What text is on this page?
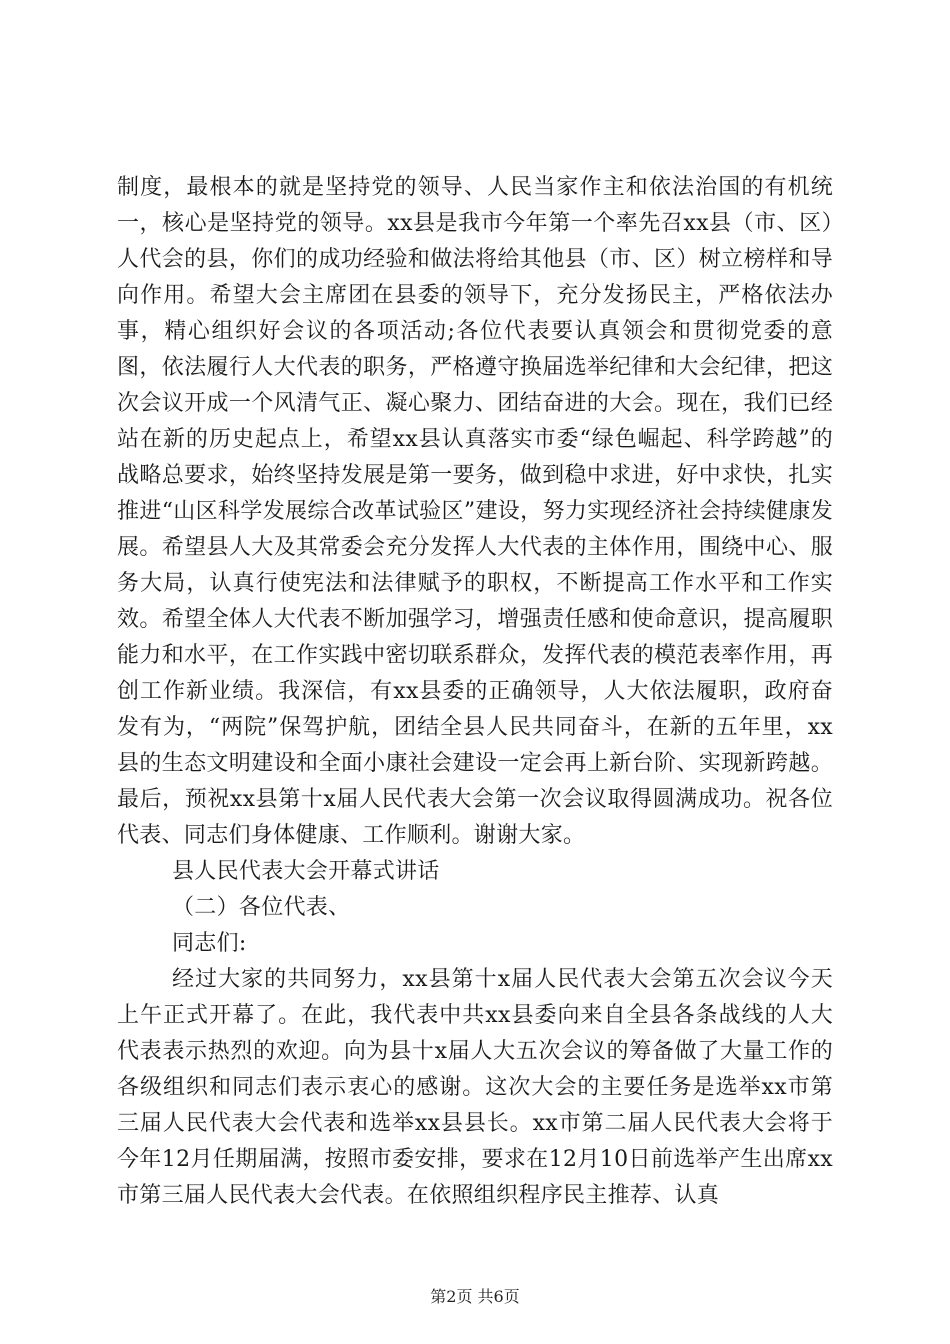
制度，最根本的就是坚持党的领导、人民当家作主和依法治国的有机统一，核心是坚持党的领导。xx县是我市今年第一个率先召xx县（市、区）人代会的县，你们的成功经验和做法将给其他县（市、区）树立榜样和导向作用。希望大会主席团在县委的领导下，充分发扬民主，严格依法办事，精心组织好会议的各项活动;各位代表要认真领会和贯彻党委的意图，依法履行人大代表的职务，严格遵守换届选举纪律和大会纪律，把这次会议开成一个风清气正、凝心聚力、团结奋进的大会。现在，我们已经站在新的历史起点上，希望xx县认真落实市委“绿色崛起、科学跨越”的战略总要求，始终坚持发展是第一要务，做到稳中求进，好中求快，扎实推进“山区科学发展综合改革试验区”建设，努力实现经济社会持续健康发展。希望县人大及其常委会充分发挥人大代表的主体作用，围绕中心、服务大局，认真行使宪法和法律赋予的职权，不断提高工作水平和工作实效。希望全体人大代表不断加强学习，增强责任感和使命意识，提高履职能力和水平，在工作实践中密切联系群众，发挥代表的模范表率作用，再创工作新业绩。我深信，有xx县委的正确领导，人大依法履职，政府奋发有为，“两院”保驾护航，团结全县人民共同奋斗，在新的五年里，xx县的生态文明建设和全面小康社会建设一定会再上新台阶、实现新跨越。最后，预祝xx县第十x届人民代表大会第一次会议取得圆满成功。祝各位代表、同志们身体健康、工作顺利。谢谢大家。

县人民代表大会开幕式讲话

（二）各位代表、

同志们:

经过大家的共同努力，xx县第十x届人民代表大会第五次会议今天上午正式开幕了。在此，我代表中共xx县委向来自全县各条战线的人大代表表示热烈的欢迎。向为县十x届人大五次会议的筹备做了大量工作的各级组织和同志们表示衷心的感谢。这次大会的主要任务是选举xx市第三届人民代表大会代表和选举xx县县长。xx市第二届人民代表大会将于今年12月任期届满，按照市委安排，要求在12月10日前选举产生出席xx市第三届人民代表大会代表。在依照组织程序民主推荐、认真

第2页 共6页
